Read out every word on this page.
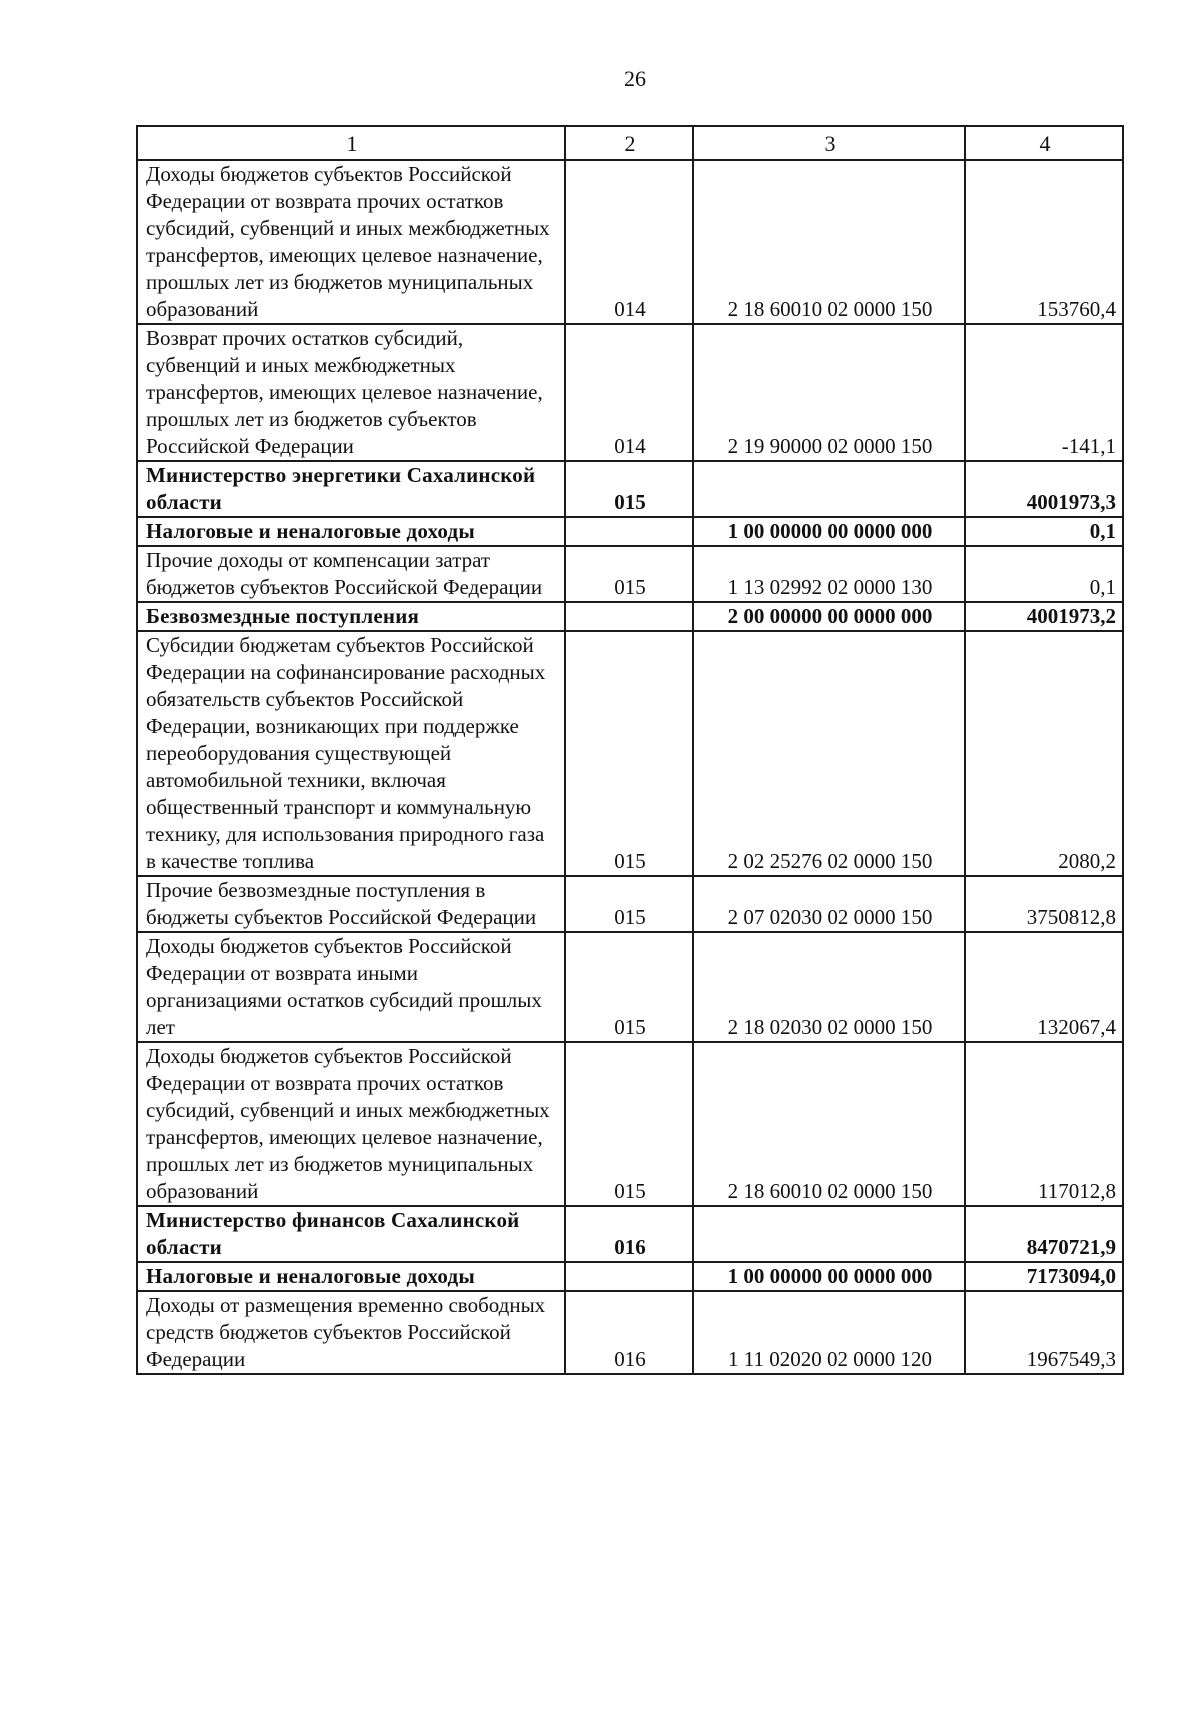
26
1	2	3	4
Доходы бюджетов субъектов Российской Федерации от возврата прочих остатков субсидий, субвенций и иных межбюджетных трансфертов, имеющих целевое назначение, прошлых лет из бюджетов муниципальных образований	014	2 18 60010 02 0000 150	153760,4
Возврат прочих остатков субсидий, субвенций и иных межбюджетных трансфертов, имеющих целевое назначение, прошлых лет из бюджетов субъектов Российской Федерации	014	2 19 90000 02 0000 150	-141,1
Министерство энергетики Сахалинской области	015		4001973,3
Налоговые и неналоговые доходы		1 00 00000 00 0000 000	0,1
Прочие доходы от компенсации затрат бюджетов субъектов Российской Федерации	015	1 13 02992 02 0000 130	0,1
Безвозмездные поступления		2 00 00000 00 0000 000	4001973,2
Субсидии бюджетам субъектов Российской Федерации на софинансирование расходных обязательств субъектов Российской Федерации, возникающих при поддержке переоборудования существующей автомобильной техники, включая общественный транспорт и коммунальную технику, для использования природного газа в качестве топлива	015	2 02 25276 02 0000 150	2080,2
Прочие безвозмездные поступления в бюджеты субъектов Российской Федерации	015	2 07 02030 02 0000 150	3750812,8
Доходы бюджетов субъектов Российской Федерации от возврата иными организациями остатков субсидий прошлых лет	015	2 18 02030 02 0000 150	132067,4
Доходы бюджетов субъектов Российской Федерации от возврата прочих остатков субсидий, субвенций и иных межбюджетных трансфертов, имеющих целевое назначение, прошлых лет из бюджетов муниципальных образований	015	2 18 60010 02 0000 150	117012,8
Министерство финансов Сахалинской области	016		8470721,9
Налоговые и неналоговые доходы		1 00 00000 00 0000 000	7173094,0
Доходы от размещения временно свободных средств бюджетов субъектов Российской Федерации	016	1 11 02020 02 0000 120	1967549,3
